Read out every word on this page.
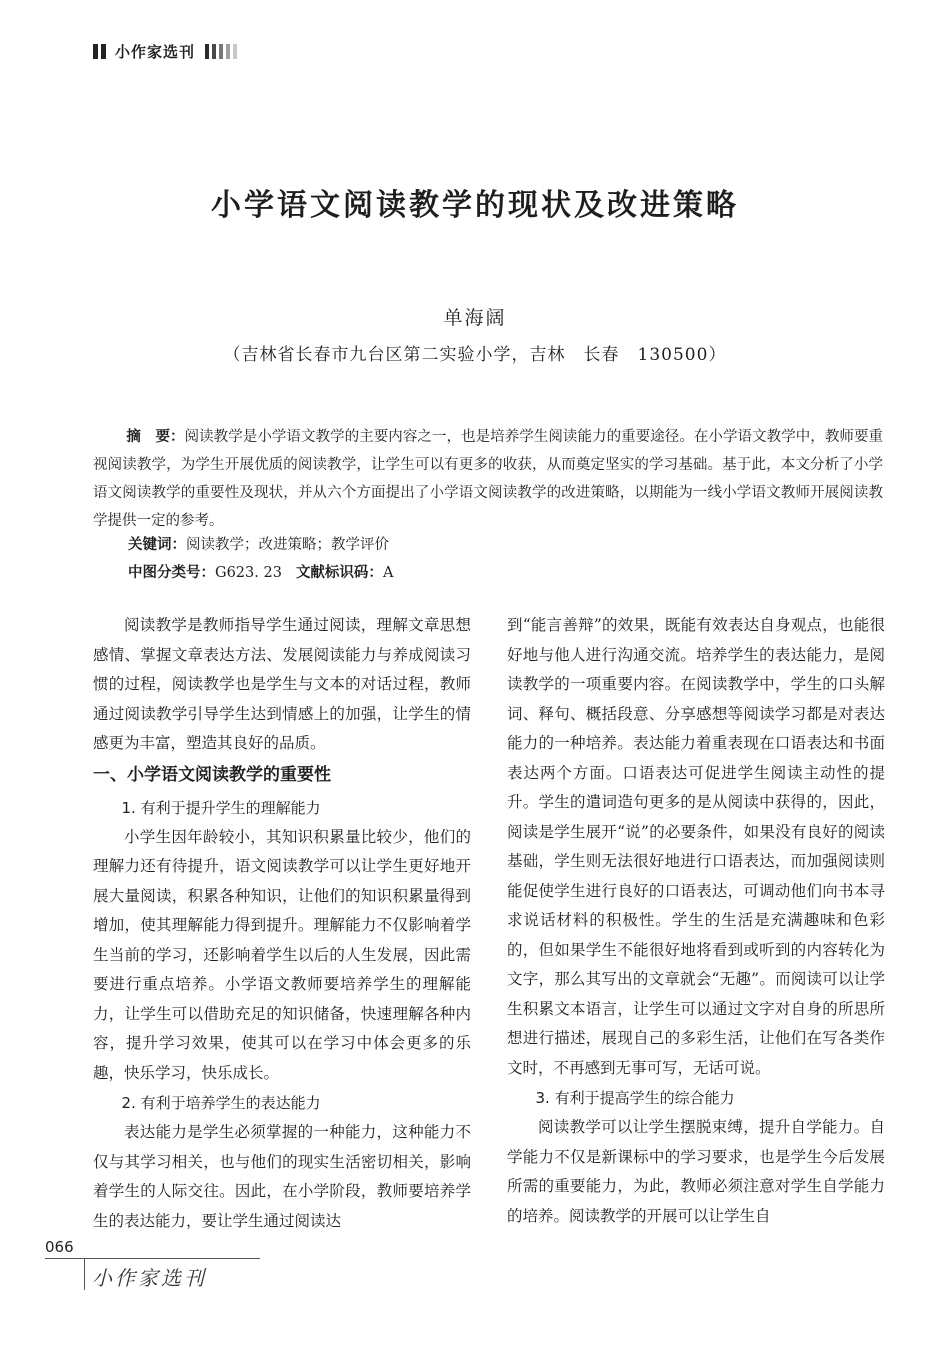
小作家选刊
小学语文阅读教学的现状及改进策略
单海阔
（吉林省长春市九台区第二实验小学，吉林　长春　130500）

摘　要：阅读教学是小学语文教学的主要内容之一，也是培养学生阅读能力的重要途径。在小学语文教学中，教师要重视阅读教学，为学生开展优质的阅读教学，让学生可以有更多的收获，从而奠定坚实的学习基础。基于此，本文分析了小学语文阅读教学的重要性及现状，并从六个方面提出了小学语文阅读教学的改进策略，以期能为一线小学语文教师开展阅读教学提供一定的参考。

关键词：阅读教学；改进策略；教学评价
中图分类号：G623. 23 文献标识码：A

阅读教学是教师指导学生通过阅读，理解文章思想感情、掌握文章表达方法、发展阅读能力与养成阅读习惯的过程，阅读教学也是学生与文本的对话过程，教师通过阅读教学引导学生达到情感上的加强，让学生的情感更为丰富，塑造其良好的品质。

一、小学语文阅读教学的重要性
1. 有利于提升学生的理解能力

小学生因年龄较小，其知识积累量比较少，他们的理解力还有待提升，语文阅读教学可以让学生更好地开展大量阅读，积累各种知识，让他们的知识积累量得到增加，使其理解能力得到提升。理解能力不仅影响着学生当前的学习，还影响着学生以后的人生发展，因此需要进行重点培养。小学语文教师要培养学生的理解能力，让学生可以借助充足的知识储备，快速理解各种内容，提升学习效果，使其可以在学习中体会更多的乐趣，快乐学习，快乐成长。

2. 有利于培养学生的表达能力

表达能力是学生必须掌握的一种能力，这种能力不仅与其学习相关，也与他们的现实生活密切相关，影响着学生的人际交往。因此，在小学阶段，教师要培养学生的表达能力，要让学生通过阅读达

到“能言善辩”的效果，既能有效表达自身观点，也能很好地与他人进行沟通交流。培养学生的表达能力，是阅读教学的一项重要内容。在阅读教学中，学生的口头解词、释句、概括段意、分享感想等阅读学习都是对表达能力的一种培养。表达能力着重表现在口语表达和书面表达两个方面。口语表达可促进学生阅读主动性的提升。学生的遣词造句更多的是从阅读中获得的，因此，阅读是学生展开“说”的必要条件，如果没有良好的阅读基础，学生则无法很好地进行口语表达，而加强阅读则能促使学生进行良好的口语表达，可调动他们向书本寻求说话材料的积极性。学生的生活是充满趣味和色彩的，但如果学生不能很好地将看到或听到的内容转化为文字，那么其写出的文章就会“无趣”。而阅读可以让学生积累文本语言，让学生可以通过文字对自身的所思所想进行描述，展现自己的多彩生活，让他们在写各类作文时，不再感到无事可写，无话可说。

3. 有利于提高学生的综合能力

阅读教学可以让学生摆脱束缚，提升自学能力。自学能力不仅是新课标中的学习要求，也是学生今后发展所需的重要能力，为此，教师必须注意对学生自学能力的培养。阅读教学的开展可以让学生自

066
小作家选刊
